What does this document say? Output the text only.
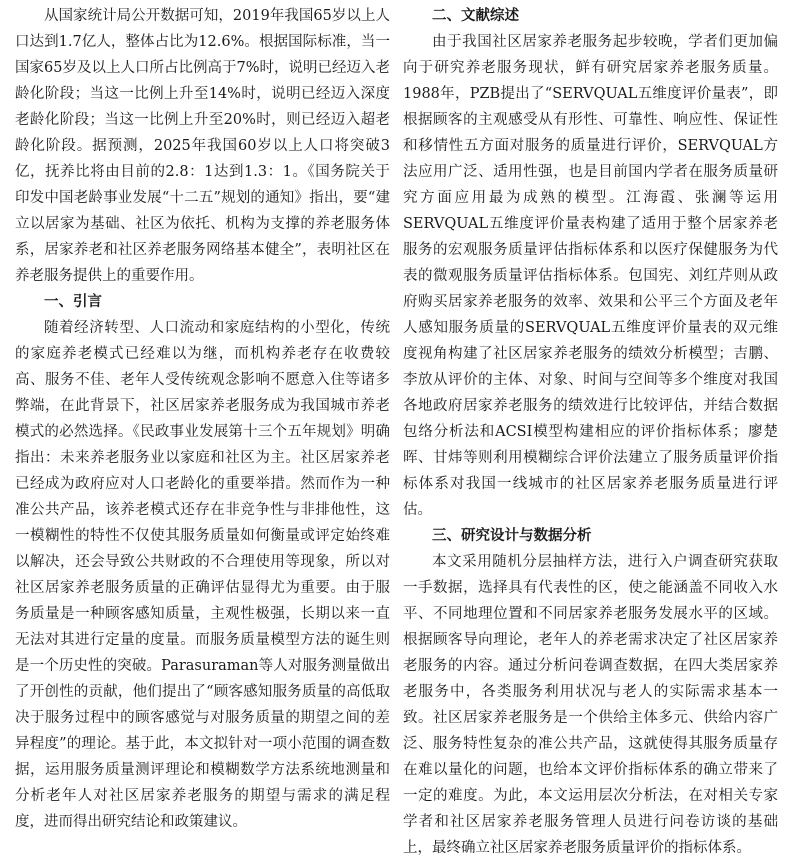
从国家统计局公开数据可知，2019年我国65岁以上人口达到1.7亿人，整体占比为12.6%。根据国际标准，当一国家65岁及以上人口所占比例高于7%时，说明已经迈入老龄化阶段；当这一比例上升至14%时，说明已经迈入深度老龄化阶段；当这一比例上升至20%时，则已经迈入超老龄化阶段。据预测，2025年我国60岁以上人口将突破3亿，抚养比将由目前的2.8：1达到1.3：1。《国务院关于印发中国老龄事业发展“十二五”规划的通知》指出，要“建立以居家为基础、社区为依托、机构为支撑的养老服务体系，居家养老和社区养老服务网络基本健全”，表明社区在养老服务提供上的重要作用。

一、引言

随着经济转型、人口流动和家庭结构的小型化，传统的家庭养老模式已经难以为继，而机构养老存在收费较高、服务不佳、老年人受传统观念影响不愿意入住等诸多弊端，在此背景下，社区居家养老服务成为我国城市养老模式的必然选择。《民政事业发展第十三个五年规划》明确指出：未来养老服务业以家庭和社区为主。社区居家养老已经成为政府应对人口老龄化的重要举措。然而作为一种准公共产品，该养老模式还存在非竞争性与非排他性，这一模糊性的特性不仅使其服务质量如何衡量或评定始终难以解决，还会导致公共财政的不合理使用等现象，所以对社区居家养老服务质量的正确评估显得尤为重要。由于服务质量是一种顾客感知质量，主观性极强，长期以来一直无法对其进行定量的度量。而服务质量模型方法的诞生则是一个历史性的突破。Parasuraman等人对服务测量做出了开创性的贡献，他们提出了“顾客感知服务质量的高低取决于服务过程中的顾客感觉与对服务质量的期望之间的差异程度”的理论。基于此，本文拟针对一项小范围的调查数据，运用服务质量测评理论和模糊数学方法系统地测量和分析老年人对社区居家养老服务的期望与需求的满足程度，进而得出研究结论和政策建议。

二、文献综述

由于我国社区居家养老服务起步较晚，学者们更加偏向于研究养老服务现状，鲜有研究居家养老服务质量。1988年，PZB提出了“SERVQUAL五维度评价量表”，即根据顾客的主观感受从有形性、可靠性、响应性、保证性和移情性五方面对服务的质量进行评价，SERVQUAL方法应用广泛、适用性强，也是目前国内学者在服务质量研究方面应用最为成熟的模型。江海霞、张澜等运用SERVQUAL五维度评价量表构建了适用于整个居家养老服务的宏观服务质量评估指标体系和以医疗保健服务为代表的微观服务质量评估指标体系。包国宪、刘红芹则从政府购买居家养老服务的效率、效果和公平三个方面及老年人感知服务质量的SERVQUAL五维度评价量表的双元维度视角构建了社区居家养老服务的绩效分析模型；吉鹏、李放从评价的主体、对象、时间与空间等多个维度对我国各地政府居家养老服务的绩效进行比较评估，并结合数据包络分析法和ACSI模型构建相应的评价指标体系；廖楚晖、甘炜等则利用模糊综合评价法建立了服务质量评价指标体系对我国一线城市的社区居家养老服务质量进行评估。

三、研究设计与数据分析

本文采用随机分层抽样方法，进行入户调查研究获取一手数据，选择具有代表性的区，使之能涵盖不同收入水平、不同地理位置和不同居家养老服务发展水平的区域。根据顾客导向理论，老年人的养老需求决定了社区居家养老服务的内容。通过分析问卷调查数据，在四大类居家养老服务中，各类服务利用状况与老人的实际需求基本一致。社区居家养老服务是一个供给主体多元、供给内容广泛、服务特性复杂的准公共产品，这就使得其服务质量存在难以量化的问题，也给本文评价指标体系的确立带来了一定的难度。为此，本文运用层次分析法，在对相关专家学者和社区居家养老服务管理人员进行问卷访谈的基础上，最终确立社区居家养老服务质量评价的指标体系。
